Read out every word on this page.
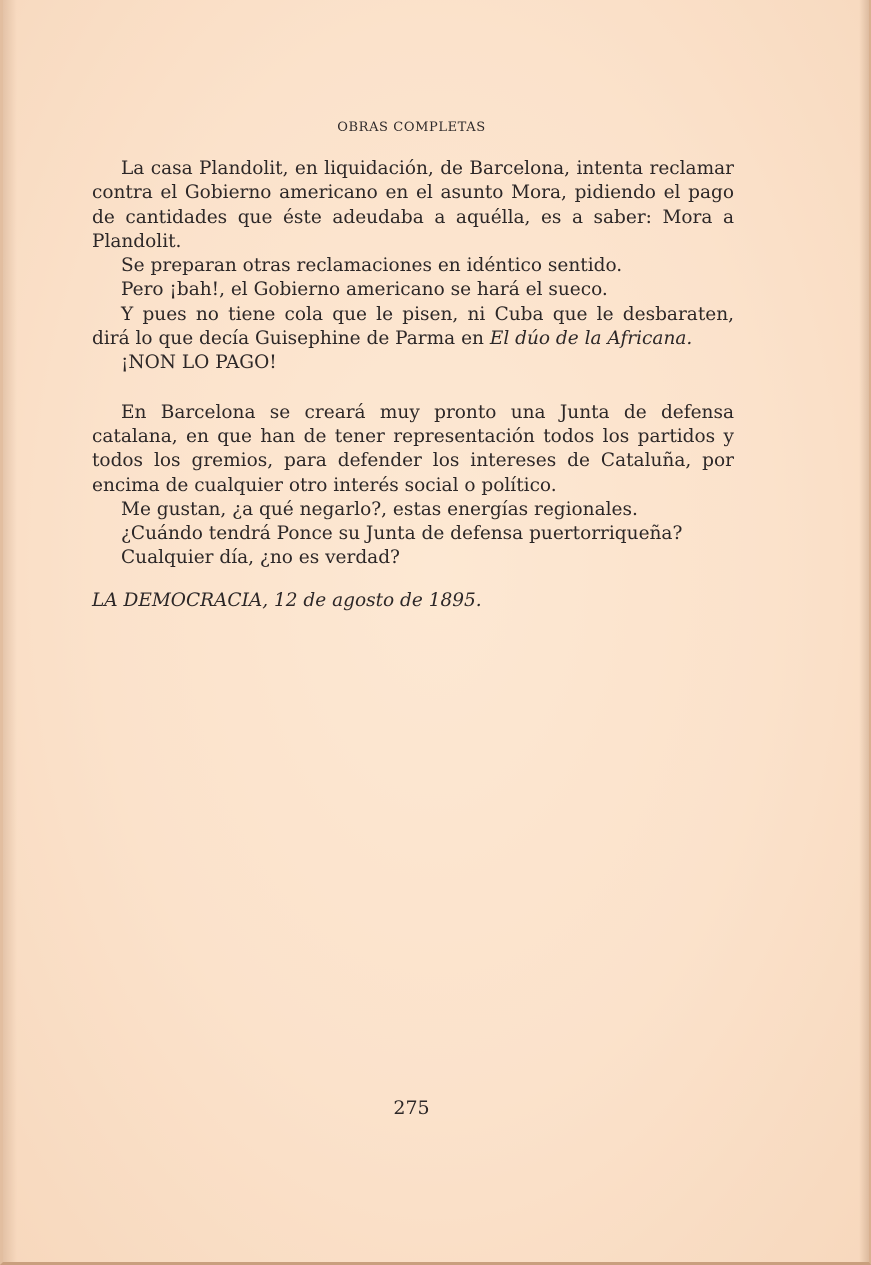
OBRAS COMPLETAS

La casa Plandolit, en liquidación, de Barcelona, intenta reclamar contra el Gobierno americano en el asunto Mora, pidiendo el pago de cantidades que éste adeudaba a aquélla, es a saber: Mora a Plandolit.

Se preparan otras reclamaciones en idéntico sentido.

Pero ¡bah!, el Gobierno americano se hará el sueco.

Y pues no tiene cola que le pisen, ni Cuba que le desbaraten, dirá lo que decía Guisephine de Parma en El dúo de la Africana.

¡NON LO PAGO!

En Barcelona se creará muy pronto una Junta de defensa catalana, en que han de tener representación todos los partidos y todos los gremios, para defender los intereses de Cataluña, por encima de cualquier otro interés social o político.

Me gustan, ¿a qué negarlo?, estas energías regionales.

¿Cuándo tendrá Ponce su Junta de defensa puertorriqueña?

Cualquier día, ¿no es verdad?

LA DEMOCRACIA, 12 de agosto de 1895.

275
